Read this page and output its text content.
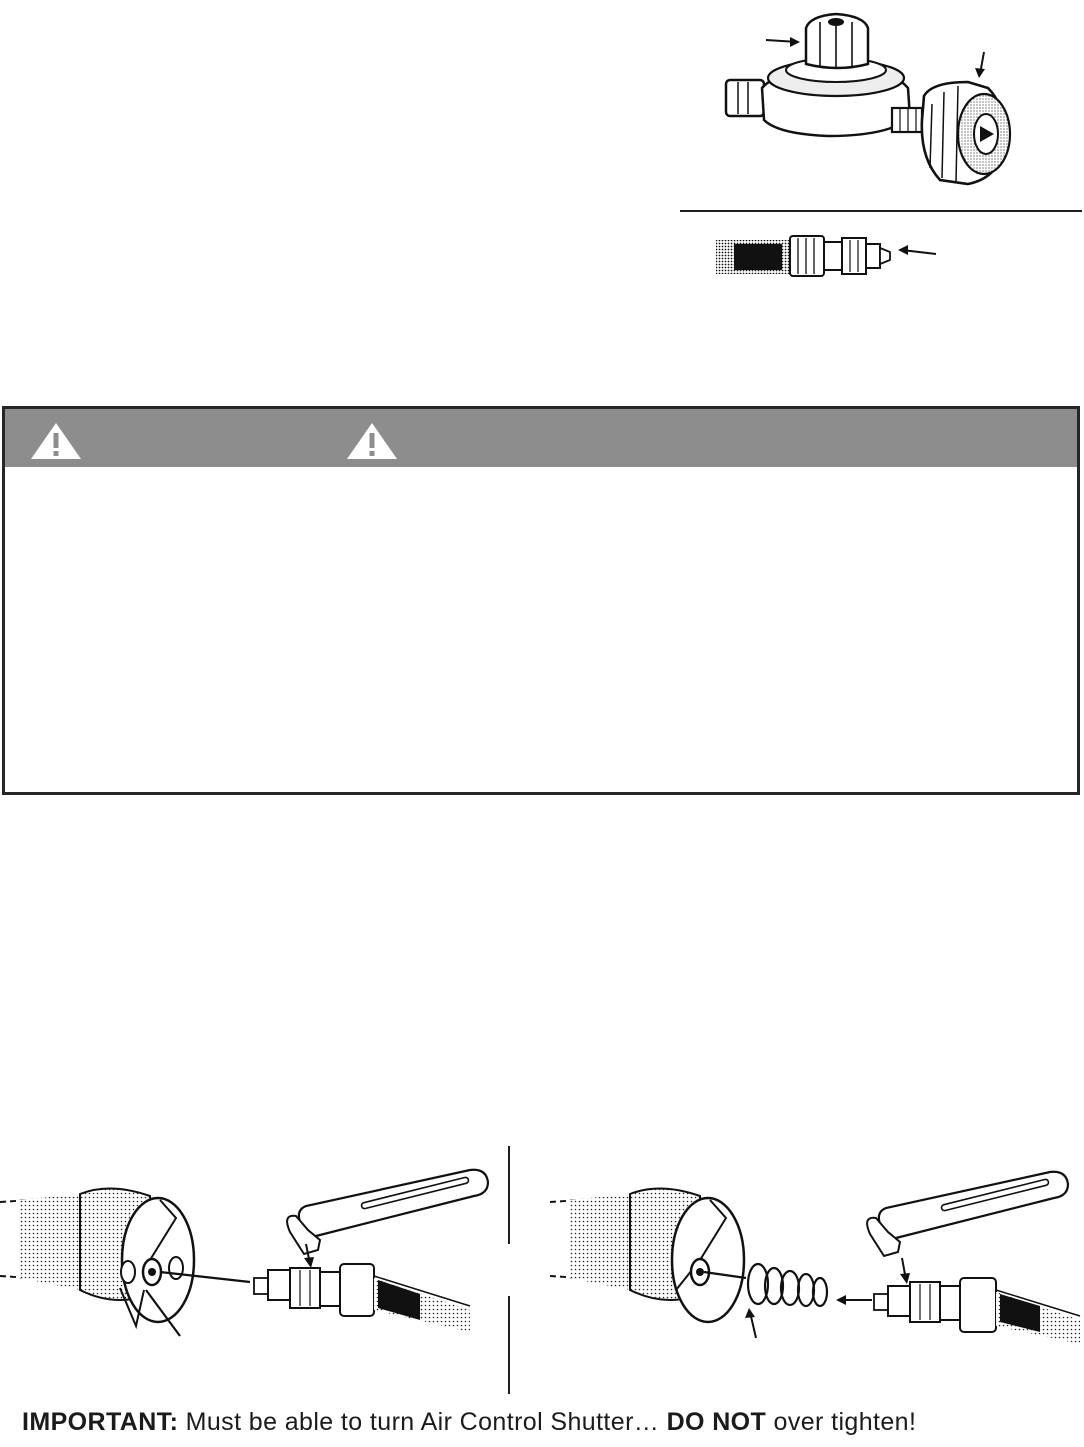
IMPORTANT: Must be able to turn Air Control Shutter… DO NOT over tighten!
